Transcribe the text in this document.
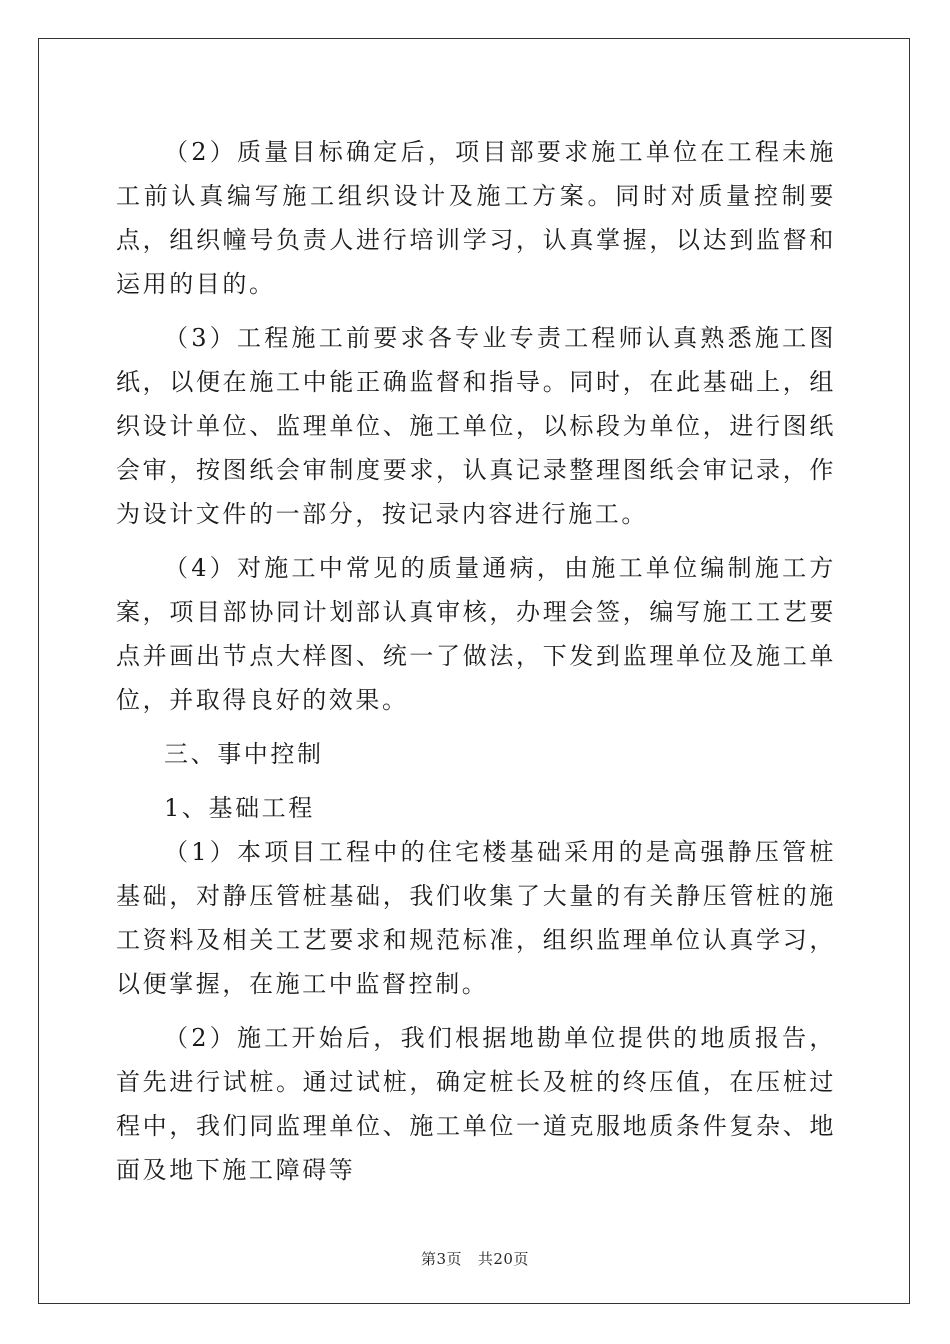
（2）质量目标确定后，项目部要求施工单位在工程未施工前认真编写施工组织设计及施工方案。同时对质量控制要点，组织幢号负责人进行培训学习，认真掌握，以达到监督和运用的目的。

（3）工程施工前要求各专业专责工程师认真熟悉施工图纸，以便在施工中能正确监督和指导。同时，在此基础上，组织设计单位、监理单位、施工单位，以标段为单位，进行图纸会审，按图纸会审制度要求，认真记录整理图纸会审记录，作为设计文件的一部分，按记录内容进行施工。

（4）对施工中常见的质量通病，由施工单位编制施工方案，项目部协同计划部认真审核，办理会签，编写施工工艺要点并画出节点大样图、统一了做法，下发到监理单位及施工单位，并取得良好的效果。

三、事中控制

1、基础工程

（1）本项目工程中的住宅楼基础采用的是高强静压管桩基础，对静压管桩基础，我们收集了大量的有关静压管桩的施工资料及相关工艺要求和规范标准，组织监理单位认真学习，以便掌握，在施工中监督控制。

（2）施工开始后，我们根据地勘单位提供的地质报告，首先进行试桩。通过试桩，确定桩长及桩的终压值，在压桩过程中，我们同监理单位、施工单位一道克服地质条件复杂、地面及地下施工障碍等

第3页 共20页
